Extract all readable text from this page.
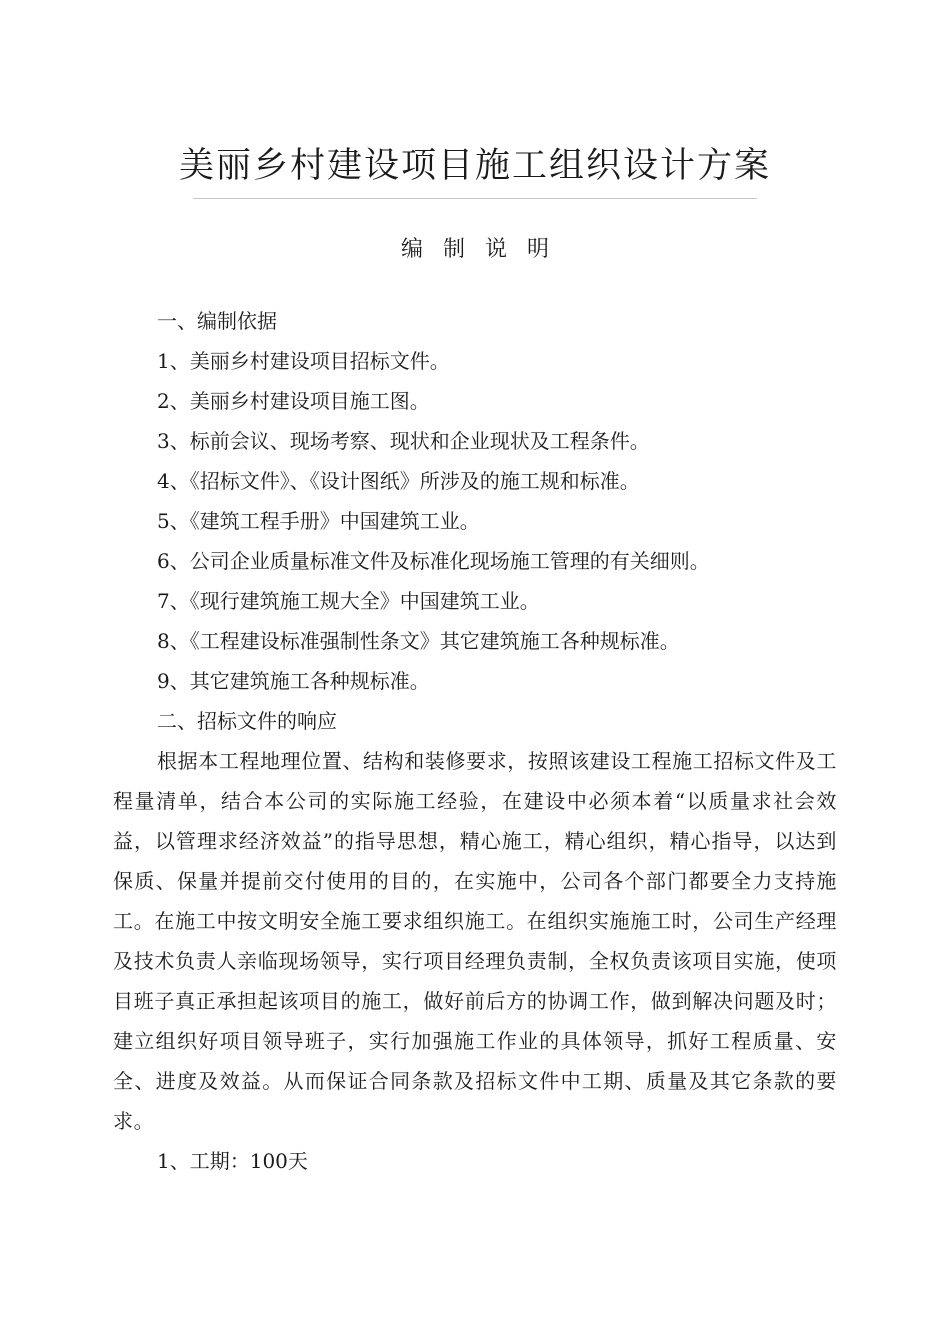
美丽乡村建设项目施工组织设计方案
编制说明

一、编制依据

1、美丽乡村建设项目招标文件。

2、美丽乡村建设项目施工图。

3、标前会议、现场考察、现状和企业现状及工程条件。

4、《招标文件》、《设计图纸》所涉及的施工规和标准。

5、《建筑工程手册》中国建筑工业。

6、公司企业质量标准文件及标准化现场施工管理的有关细则。

7、《现行建筑施工规大全》中国建筑工业。

8、《工程建设标准强制性条文》其它建筑施工各种规标准。

9、其它建筑施工各种规标准。

二、招标文件的响应

根据本工程地理位置、结构和装修要求，按照该建设工程施工招标文件及工程量清单，结合本公司的实际施工经验，在建设中必须本着“以质量求社会效益，以管理求经济效益”的指导思想，精心施工，精心组织，精心指导，以达到保质、保量并提前交付使用的目的，在实施中，公司各个部门都要全力支持施工。在施工中按文明安全施工要求组织施工。在组织实施施工时，公司生产经理及技术负责人亲临现场领导，实行项目经理负责制，全权负责该项目实施，使项目班子真正承担起该项目的施工，做好前后方的协调工作，做到解决问题及时；建立组织好项目领导班子，实行加强施工作业的具体领导，抓好工程质量、安全、进度及效益。从而保证合同条款及招标文件中工期、质量及其它条款的要求。

1、工期：100天
